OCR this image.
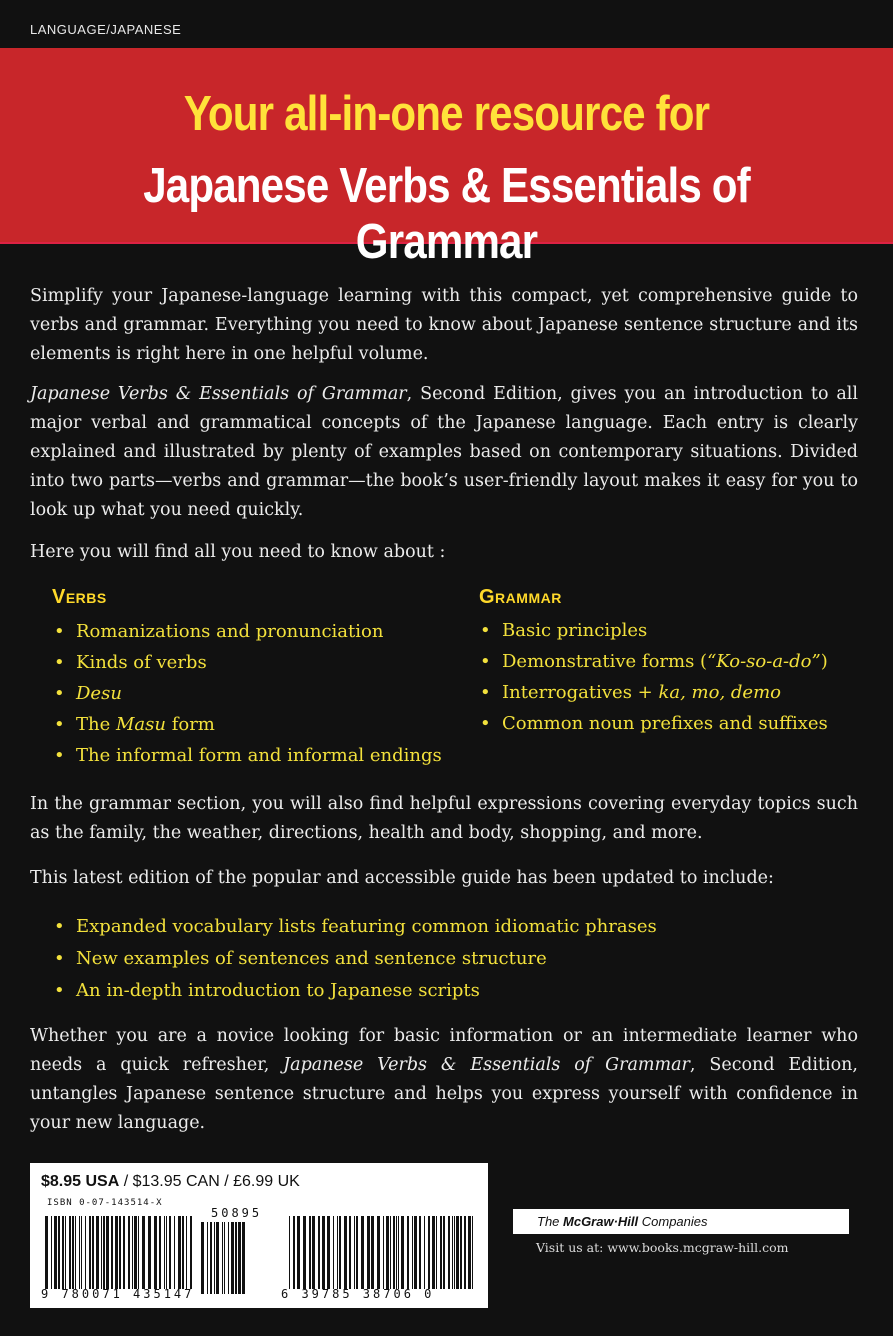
LANGUAGE/JAPANESE
Your all-in-one resource for
Japanese Verbs & Essentials of Grammar

Simplify your Japanese-language learning with this compact, yet comprehensive guide to verbs and grammar. Everything you need to know about Japanese sentence structure and its elements is right here in one helpful volume.

Japanese Verbs & Essentials of Grammar, Second Edition, gives you an introduction to all major verbal and grammatical concepts of the Japanese language. Each entry is clearly explained and illustrated by plenty of examples based on contemporary situations. Divided into two parts—verbs and grammar—the book’s user-friendly layout makes it easy for you to look up what you need quickly.

Here you will find all you need to know about :

Verbs
• Romanizations and pronunciation
• Kinds of verbs
• Desu
• The Masu form
• The informal form and informal endings
Grammar
• Basic principles
• Demonstrative forms (“Ko-so-a-do”)
• Interrogatives + ka, mo, demo
• Common noun prefixes and suffixes

In the grammar section, you will also find helpful expressions covering everyday topics such as the family, the weather, directions, health and body, shopping, and more.

This latest edition of the popular and accessible guide has been updated to include:

• Expanded vocabulary lists featuring common idiomatic phrases
• New examples of sentences and sentence structure
• An in-depth introduction to Japanese scripts

Whether you are a novice looking for basic information or an intermediate learner who needs a quick refresher, Japanese Verbs & Essentials of Grammar, Second Edition, untangles Japanese sentence structure and helps you express yourself with confidence in your new language.

$8.95 USA / $13.95 CAN / £6.99 UK
ISBN 0-07-143514-X
50895
9 780071 435147	6 39785 38706 0
The McGraw·Hill Companies
Visit us at: www.books.mcgraw-hill.com
